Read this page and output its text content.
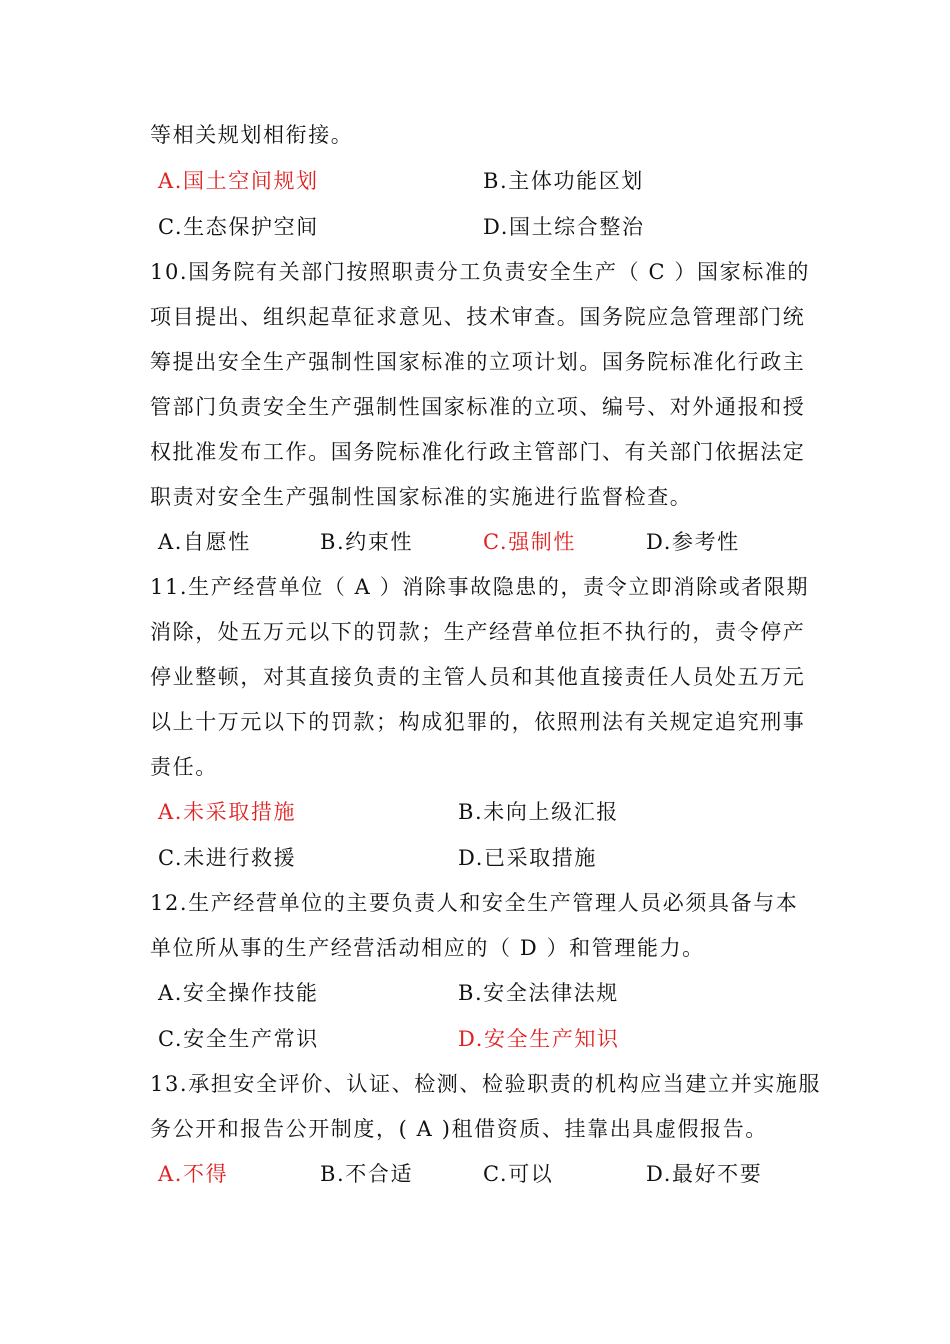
等相关规划相衔接。
A.国土空间规划	B.主体功能区划
C.生态保护空间	D.国土综合整治
10.国务院有关部门按照职责分工负责安全生产（ C ）国家标准的
项目提出、组织起草征求意见、技术审查。国务院应急管理部门统
筹提出安全生产强制性国家标准的立项计划。国务院标准化行政主
管部门负责安全生产强制性国家标准的立项、编号、对外通报和授
权批准发布工作。国务院标准化行政主管部门、有关部门依据法定
职责对安全生产强制性国家标准的实施进行监督检查。
A.自愿性	B.约束性	C.强制性	D.参考性
11.生产经营单位（ A ）消除事故隐患的，责令立即消除或者限期
消除，处五万元以下的罚款；生产经营单位拒不执行的，责令停产
停业整顿，对其直接负责的主管人员和其他直接责任人员处五万元
以上十万元以下的罚款；构成犯罪的，依照刑法有关规定追究刑事
责任。
A.未采取措施	B.未向上级汇报
C.未进行救援	D.已采取措施
12.生产经营单位的主要负责人和安全生产管理人员必须具备与本
单位所从事的生产经营活动相应的（ D ）和管理能力。
A.安全操作技能	B.安全法律法规
C.安全生产常识	D.安全生产知识
13.承担安全评价、认证、检测、检验职责的机构应当建立并实施服
务公开和报告公开制度，( A )租借资质、挂靠出具虚假报告。
A.不得	B.不合适	C.可以	D.最好不要
